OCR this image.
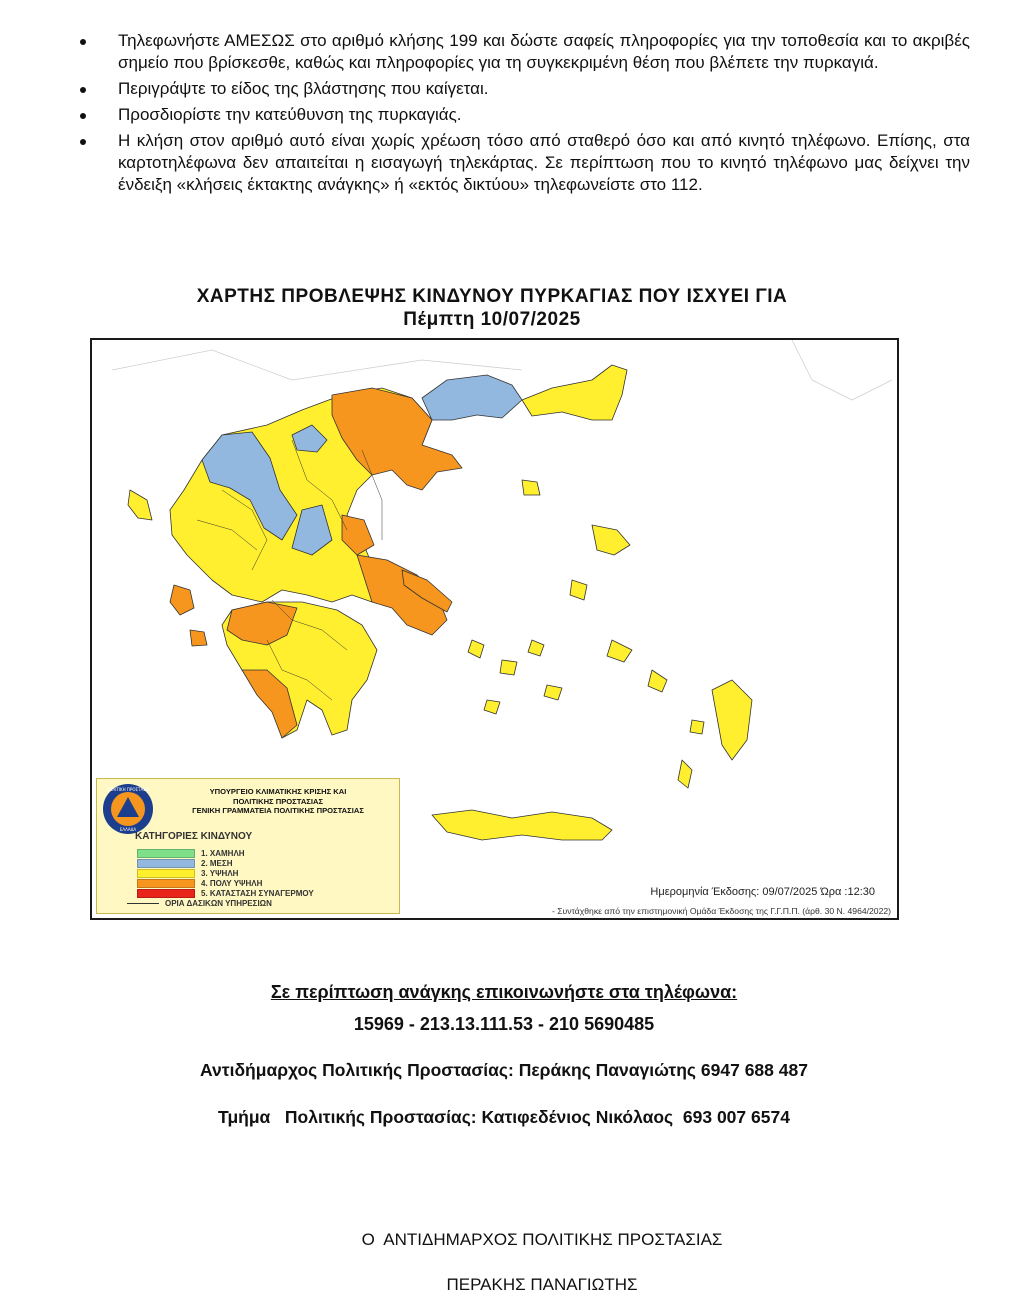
Τηλεφωνήστε ΑΜΕΣΩΣ στο αριθμό κλήσης 199 και δώστε σαφείς πληροφορίες για την τοποθεσία και το ακριβές σημείο που βρίσκεσθε, καθώς και πληροφορίες για τη συγκεκριμένη θέση που βλέπετε την πυρκαγιά.
Περιγράψτε το είδος της βλάστησης που καίγεται.
Προσδιορίστε την κατεύθυνση της πυρκαγιάς.
Η κλήση στον αριθμό αυτό είναι χωρίς χρέωση τόσο από σταθερό όσο και από κινητό τηλέφωνο. Επίσης, στα καρτοτηλέφωνα δεν απαιτείται η εισαγωγή τηλεκάρτας. Σε περίπτωση που το κινητό τηλέφωνο μας δείχνει την ένδειξη «κλήσεις έκτακτης ανάγκης» ή «εκτός δικτύου» τηλεφωνείστε στο 112.
ΧΑΡΤΗΣ ΠΡΟΒΛΕΨΗΣ ΚΙΝΔΥΝΟΥ ΠΥΡΚΑΓΙΑΣ ΠΟΥ ΙΣΧΥΕΙ ΓΙΑ
Πέμπτη 10/07/2025
ΠΟΛΙΤΙΚΗ ΠΡΟΣΤΑΣΙΑ
ΕΛΛΑΔΑ
ΥΠΟΥΡΓΕΙΟ ΚΛΙΜΑΤΙΚΗΣ ΚΡΙΣΗΣ ΚΑΙ
ΠΟΛΙΤΙΚΗΣ ΠΡΟΣΤΑΣΙΑΣ
ΓΕΝΙΚΗ ΓΡΑΜΜΑΤΕΙΑ ΠΟΛΙΤΙΚΗΣ ΠΡΟΣΤΑΣΙΑΣ
ΚΑΤΗΓΟΡΙΕΣ ΚΙΝΔΥΝΟΥ
1. ΧΑΜΗΛΗ
2. ΜΕΣΗ
3. ΥΨΗΛΗ
4. ΠΟΛΥ ΥΨΗΛΗ
5. ΚΑΤΑΣΤΑΣΗ ΣΥΝΑΓΕΡΜΟΥ
ΟΡΙΑ ΔΑΣΙΚΩΝ ΥΠΗΡΕΣΙΩΝ
Ημερομηνία Έκδοσης: 09/07/2025 Ώρα :12:30
- Συντάχθηκε από την επιστημονική Ομάδα Έκδοσης της Γ.Γ.Π.Π. (άρθ. 30 Ν. 4964/2022)
Σε περίπτωση ανάγκης επικοινωνήστε στα τηλέφωνα:
15969 - 213.13.111.53 - 210 5690485
Αντιδήμαρχος Πολιτικής Προστασίας: Περάκης Παναγιώτης 6947 688 487
Τμήμα   Πολιτικής Προστασίας: Κατιφεδένιος Νικόλαος  693 007 6574
Ο  ΑΝΤΙΔΗΜΑΡΧΟΣ ΠΟΛΙΤΙΚΗΣ ΠΡΟΣΤΑΣΙΑΣ
ΠΕΡΑΚΗΣ ΠΑΝΑΓΙΩΤΗΣ
